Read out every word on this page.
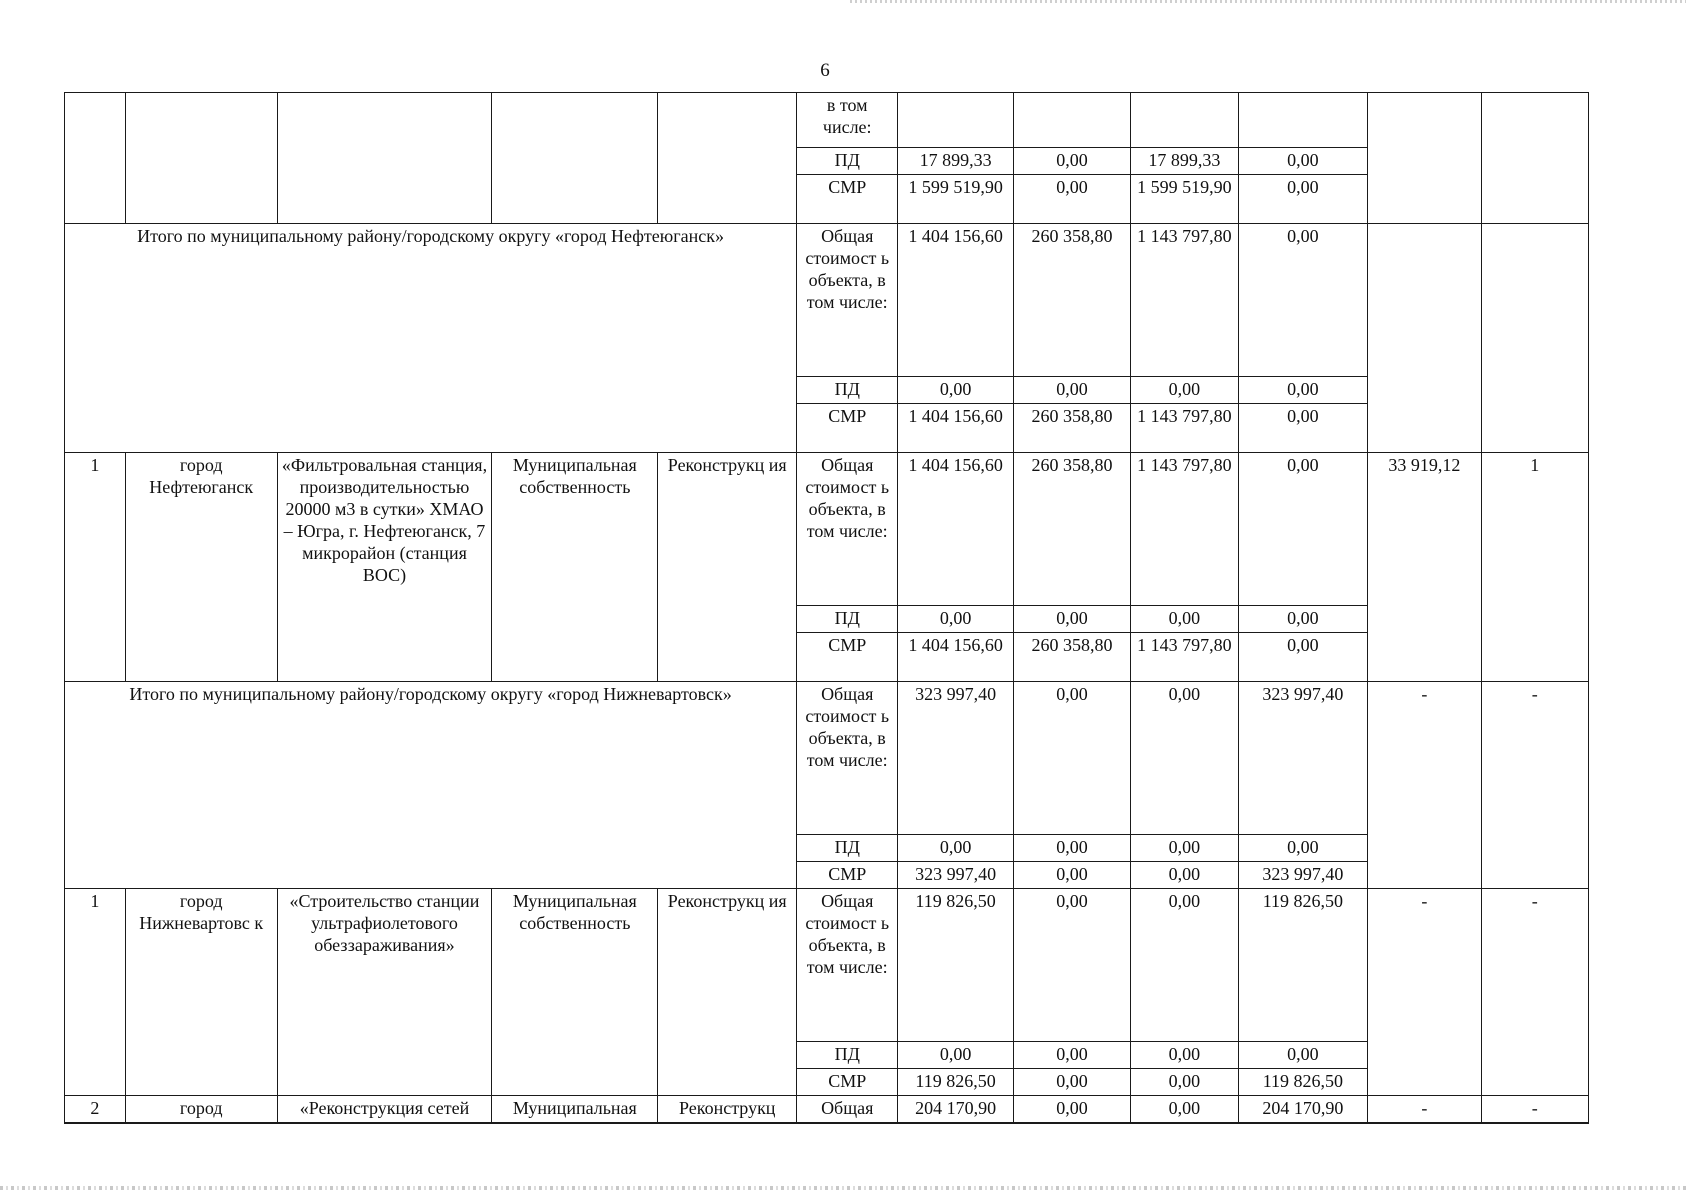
6
					в том числе:						
					ПД	17 899,33	0,00	17 899,33	0,00		
					СМР	1 599 519,90	0,00	1 599 519,90	0,00		
Итого по муниципальному району/городскому округу «город Нефтеюганск»					Общая стоимост ь объекта, в том числе:	1 404 156,60	260 358,80	1 143 797,80	0,00		
					ПД	0,00	0,00	0,00	0,00		
					СМР	1 404 156,60	260 358,80	1 143 797,80	0,00		
1	город Нефтеюганск	«Фильтровальная станция, производительностью 20000 м3 в сутки» ХМАО – Югра, г. Нефтеюганск, 7 микрорайон (станция ВОС)	Муниципальная собственность	Реконструкц ия	Общая стоимост ь объекта, в том числе:	1 404 156,60	260 358,80	1 143 797,80	0,00	33 919,12	1
					ПД	0,00	0,00	0,00	0,00		
					СМР	1 404 156,60	260 358,80	1 143 797,80	0,00		
Итого по муниципальному району/городскому округу «город Нижневартовск»					Общая стоимост ь объекта, в том числе:	323 997,40	0,00	0,00	323 997,40	-	-
					ПД	0,00	0,00	0,00	0,00		
					СМР	323 997,40	0,00	0,00	323 997,40		
1	город Нижневартовс к	«Строительство станции ультрафиолетового обеззараживания»	Муниципальная собственность	Реконструкц ия	Общая стоимост ь объекта, в том числе:	119 826,50	0,00	0,00	119 826,50	-	-
					ПД	0,00	0,00	0,00	0,00		
					СМР	119 826,50	0,00	0,00	119 826,50		
2	город	«Реконструкция сетей	Муниципальная	Реконструкц	Общая	204 170,90	0,00	0,00	204 170,90	-	-
